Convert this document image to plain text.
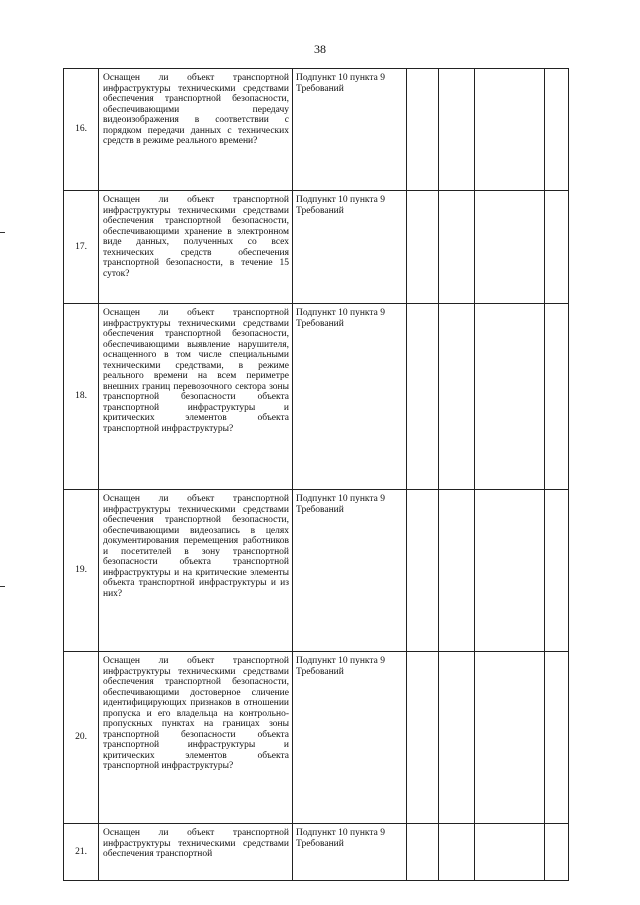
38
16.	Оснащен ли объект транспортной инфраструктуры техническими средствами обеспечения транспортной безопасности, обеспечивающими передачу видеоизображения в соответствии с порядком передачи данных с технических средств в режиме реального времени?	Подпункт 10 пункта 9 Требований				
17.	Оснащен ли объект транспортной инфраструктуры техническими средствами обеспечения транспортной безопасности, обеспечивающими хранение в электронном виде данных, полученных со всех технических средств обеспечения транспортной безопасности, в течение 15 суток?	Подпункт 10 пункта 9 Требований				
18.	Оснащен ли объект транспортной инфраструктуры техническими средствами обеспечения транспортной безопасности, обеспечивающими выявление нарушителя, оснащенного в том числе специальными техническими средствами, в режиме реального времени на всем периметре внешних границ перевозочного сектора зоны транспортной безопасности объекта транспортной инфраструктуры и критических элементов объекта транспортной инфраструктуры?	Подпункт 10 пункта 9 Требований				
19.	Оснащен ли объект транспортной инфраструктуры техническими средствами обеспечения транспортной безопасности, обеспечивающими видеозапись в целях документирования перемещения работников и посетителей в зону транспортной безопасности объекта транспортной инфраструктуры и на критические элементы объекта транспортной инфраструктуры и из них?	Подпункт 10 пункта 9 Требований				
20.	Оснащен ли объект транспортной инфраструктуры техническими средствами обеспечения транспортной безопасности, обеспечивающими достоверное сличение идентифицирующих признаков в отношении пропуска и его владельца на контрольно-пропускных пунктах на границах зоны транспортной безопасности объекта транспортной инфраструктуры и критических элементов объекта транспортной инфраструктуры?	Подпункт 10 пункта 9 Требований				
21.	Оснащен ли объект транспортной инфраструктуры техническими средствами обеспечения транспортной	Подпункт 10 пункта 9 Требований				
